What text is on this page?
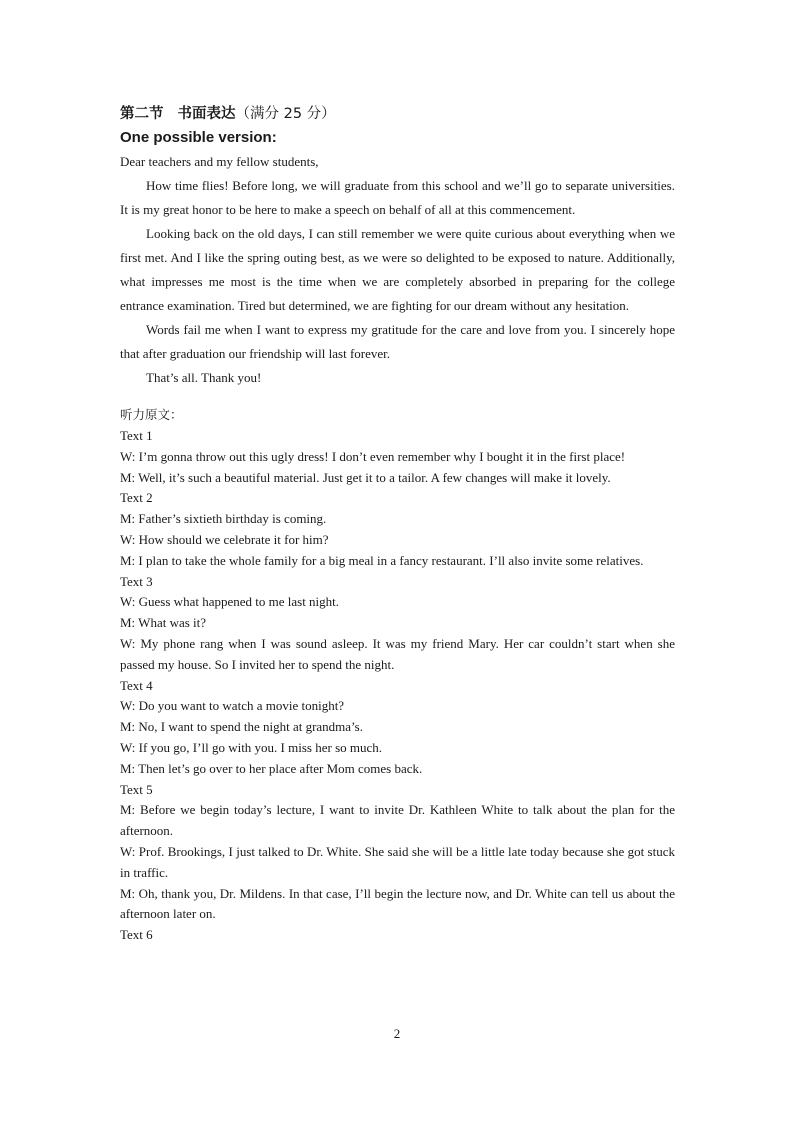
第二节 书面表达（满分 25 分）
One possible version:
Dear teachers and my fellow students,
How time flies! Before long, we will graduate from this school and we’ll go to separate universities. It is my great honor to be here to make a speech on behalf of all at this commencement.
Looking back on the old days, I can still remember we were quite curious about everything when we first met. And I like the spring outing best, as we were so delighted to be exposed to nature. Additionally, what impresses me most is the time when we are completely absorbed in preparing for the college entrance examination. Tired but determined, we are fighting for our dream without any hesitation.
Words fail me when I want to express my gratitude for the care and love from you. I sincerely hope that after graduation our friendship will last forever.
That’s all. Thank you!
听力原文：
Text 1
W: I’m gonna throw out this ugly dress! I don’t even remember why I bought it in the first place!
M: Well, it’s such a beautiful material. Just get it to a tailor. A few changes will make it lovely.
Text 2
M: Father’s sixtieth birthday is coming.
W: How should we celebrate it for him?
M: I plan to take the whole family for a big meal in a fancy restaurant. I’ll also invite some relatives.
Text 3
W: Guess what happened to me last night.
M: What was it?
W: My phone rang when I was sound asleep. It was my friend Mary. Her car couldn’t start when she passed my house. So I invited her to spend the night.
Text 4
W: Do you want to watch a movie tonight?
M: No, I want to spend the night at grandma’s.
W: If you go, I’ll go with you. I miss her so much.
M: Then let’s go over to her place after Mom comes back.
Text 5
M: Before we begin today’s lecture, I want to invite Dr. Kathleen White to talk about the plan for the afternoon.
W: Prof. Brookings, I just talked to Dr. White. She said she will be a little late today because she got stuck in traffic.
M: Oh, thank you, Dr. Mildens. In that case, I’ll begin the lecture now, and Dr. White can tell us about the afternoon later on.
Text 6
2
